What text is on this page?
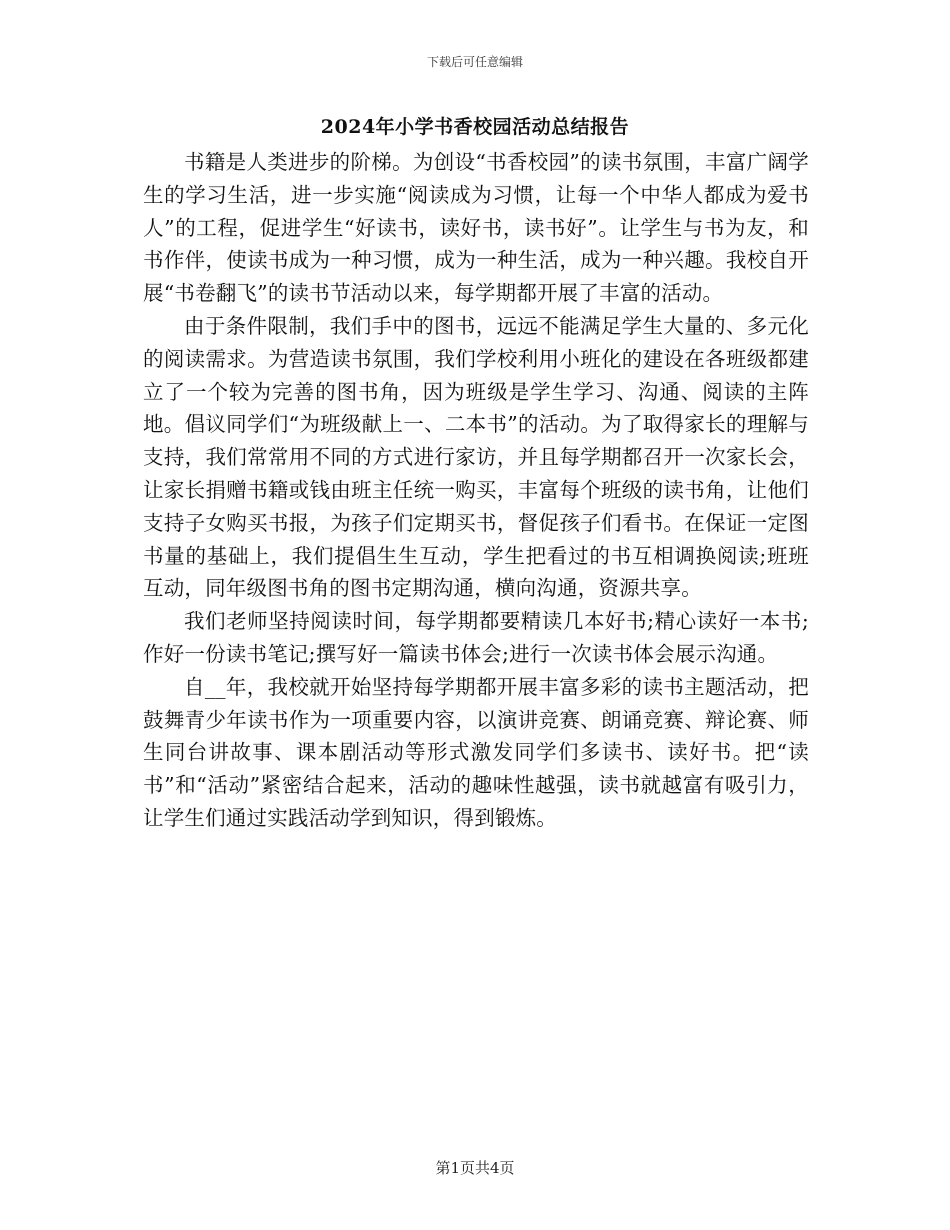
下载后可任意编辑
2024年小学书香校园活动总结报告

书籍是人类进步的阶梯。为创设“书香校园”的读书氛围，丰富广阔学生的学习生活，进一步实施“阅读成为习惯，让每一个中华人都成为爱书人”的工程，促进学生“好读书，读好书，读书好”。让学生与书为友，和书作伴，使读书成为一种习惯，成为一种生活，成为一种兴趣。我校自开展“书卷翻飞”的读书节活动以来，每学期都开展了丰富的活动。

由于条件限制，我们手中的图书，远远不能满足学生大量的、多元化的阅读需求。为营造读书氛围，我们学校利用小班化的建设在各班级都建立了一个较为完善的图书角，因为班级是学生学习、沟通、阅读的主阵地。倡议同学们“为班级献上一、二本书”的活动。为了取得家长的理解与支持，我们常常用不同的方式进行家访，并且每学期都召开一次家长会，让家长捐赠书籍或钱由班主任统一购买，丰富每个班级的读书角，让他们支持子女购买书报，为孩子们定期买书，督促孩子们看书。在保证一定图书量的基础上，我们提倡生生互动，学生把看过的书互相调换阅读;班班互动，同年级图书角的图书定期沟通，横向沟通，资源共享。

我们老师坚持阅读时间，每学期都要精读几本好书;精心读好一本书;作好一份读书笔记;撰写好一篇读书体会;进行一次读书体会展示沟通。

自__年，我校就开始坚持每学期都开展丰富多彩的读书主题活动，把鼓舞青少年读书作为一项重要内容，以演讲竞赛、朗诵竞赛、辩论赛、师生同台讲故事、课本剧活动等形式激发同学们多读书、读好书。把“读书”和“活动”紧密结合起来，活动的趣味性越强，读书就越富有吸引力，让学生们通过实践活动学到知识，得到锻炼。

第1页共4页
